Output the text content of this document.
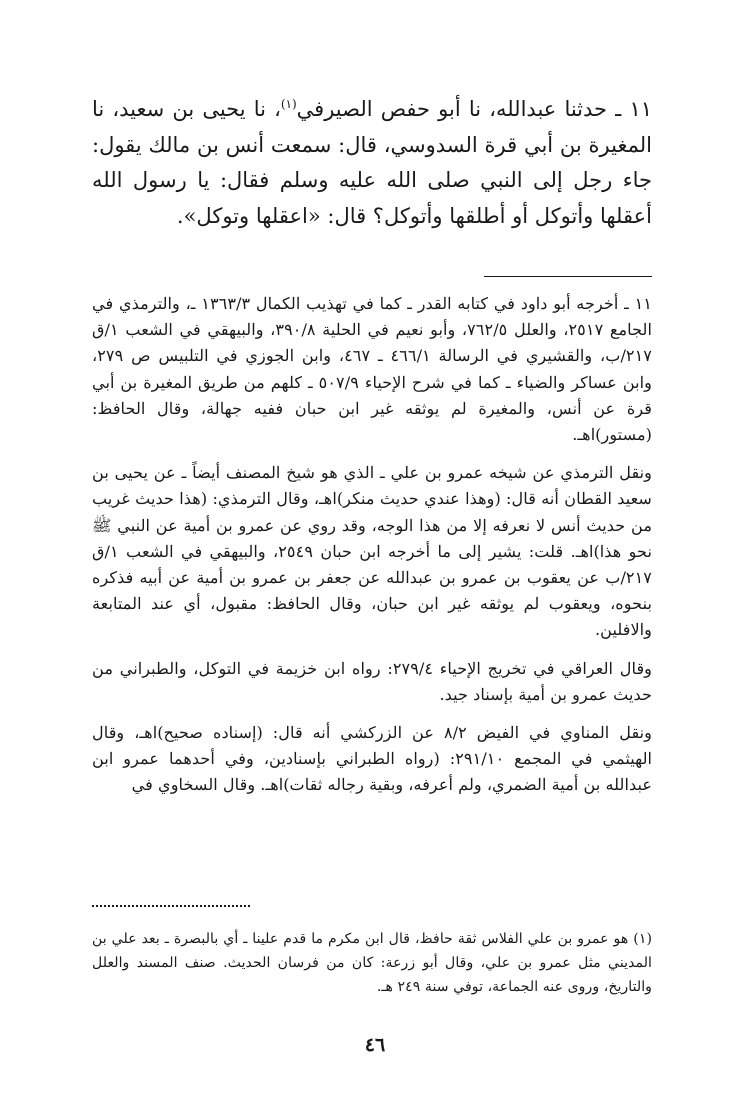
١١ ـ حدثنا عبدالله، نا أبو حفص الصيرفي$^{(١)}$، نا يحيى بن سعيد، نا المغيرة بن أبي قرة السدوسي، قال: سمعت أنس بن مالك يقول: جاء رجل إلى النبي صلى الله عليه وسلم فقال: يا رسول الله أعقلها وأتوكل أو أطلقها وأتوكل؟ قال: «اعقلها وتوكل».

١١ ـ أخرجه أبو داود في كتابه القدر ـ كما في تهذيب الكمال ١٣٦٣/٣ ـ، والترمذي في الجامع ٢٥١٧، والعلل ٧٦٢/٥، وأبو نعيم في الحلية ٣٩٠/٨، والبيهقي في الشعب ١/ق ٢١٧/ب، والقشيري في الرسالة ٤٦٦/١ ـ ٤٦٧، وابن الجوزي في التلبيس ص ٢٧٩، وابن عساكر والضياء ـ كما في شرح الإحياء ٥٠٧/٩ ـ كلهم من طريق المغيرة بن أبي قرة عن أنس، والمغيرة لم يوثقه غير ابن حبان ففيه جهالة، وقال الحافظ: (مستور)اهـ.

ونقل الترمذي عن شيخه عمرو بن علي ـ الذي هو شيخ المصنف أيضاً ـ عن يحيى بن سعيد القطان أنه قال: (وهذا عندي حديث منكر)اهـ، وقال الترمذي: (هذا حديث غريب من حديث أنس لا نعرفه إلا من هذا الوجه، وقد روي عن عمرو بن أمية عن النبي ﷺ نحو هذا)اهـ. قلت: يشير إلى ما أخرجه ابن حبان ٢٥٤٩، والبيهقي في الشعب ١/ق ٢١٧/ب عن يعقوب بن عمرو بن عبدالله عن جعفر بن عمرو بن أمية عن أبيه فذكره بنحوه، ويعقوب لم يوثقه غير ابن حبان، وقال الحافظ: مقبول، أي عند المتابعة والافلين.

وقال العراقي في تخريج الإحياء ٢٧٩/٤: رواه ابن خزيمة في التوكل، والطبراني من حديث عمرو بن أمية بإسناد جيد.

ونقل المناوي في الفيض ٨/٢ عن الزركشي أنه قال: (إسناده صحيح)اهـ، وقال الهيثمي في المجمع ٢٩١/١٠: (رواه الطبراني بإسنادين، وفي أحدهما عمرو ابن عبدالله بن أمية الضمري، ولم أعرفه، وبقية رجاله ثقات)اهـ. وقال السخاوي في

(١) هو عمرو بن علي الفلاس ثقة حافظ، قال ابن مكرم ما قدم علينا ـ أي بالبصرة ـ بعد علي بن المديني مثل عمرو بن علي، وقال أبو زرعة: كان من فرسان الحديث. صنف المسند والعلل والتاريخ، وروى عنه الجماعة، توفي سنة ٢٤٩ هـ.

٤٦
